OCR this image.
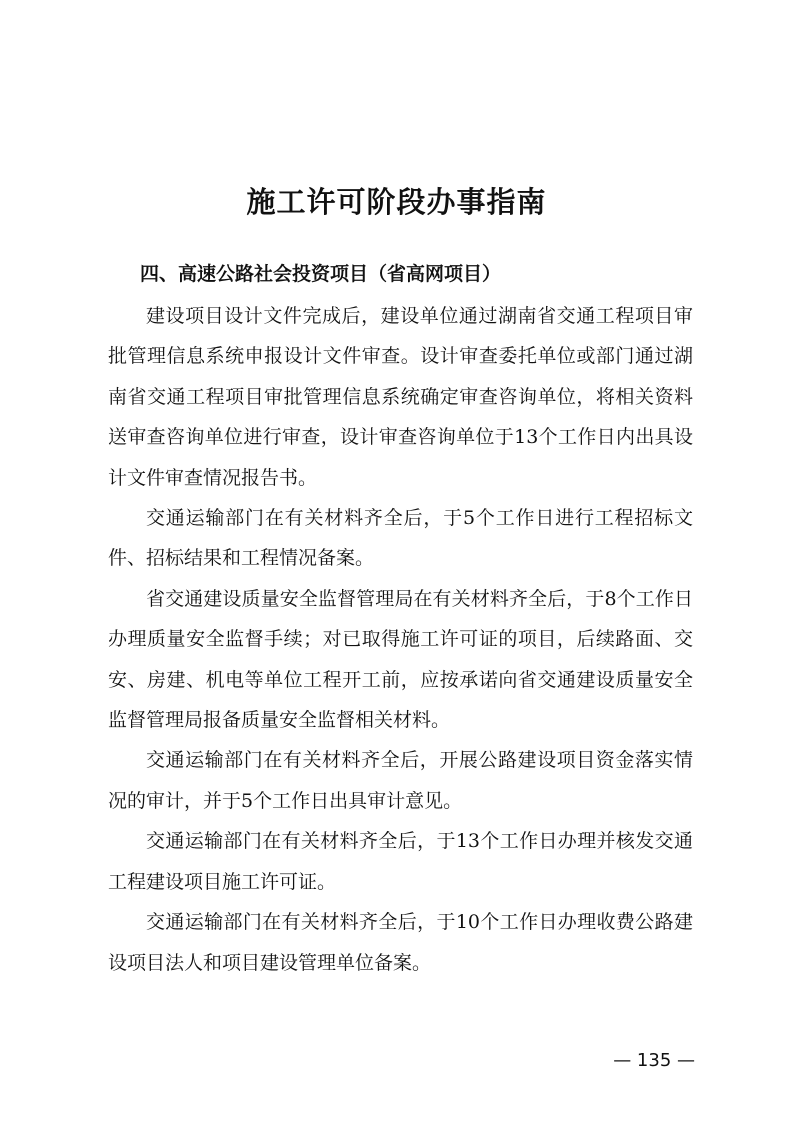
施工许可阶段办事指南
四、高速公路社会投资项目（省高网项目）

建设项目设计文件完成后，建设单位通过湖南省交通工程项目审批管理信息系统申报设计文件审查。设计审查委托单位或部门通过湖南省交通工程项目审批管理信息系统确定审查咨询单位，将相关资料送审查咨询单位进行审查，设计审查咨询单位于13个工作日内出具设计文件审查情况报告书。

交通运输部门在有关材料齐全后，于5个工作日进行工程招标文件、招标结果和工程情况备案。

省交通建设质量安全监督管理局在有关材料齐全后，于8个工作日办理质量安全监督手续；对已取得施工许可证的项目，后续路面、交安、房建、机电等单位工程开工前，应按承诺向省交通建设质量安全监督管理局报备质量安全监督相关材料。

交通运输部门在有关材料齐全后，开展公路建设项目资金落实情况的审计，并于5个工作日出具审计意见。

交通运输部门在有关材料齐全后，于13个工作日办理并核发交通工程建设项目施工许可证。

交通运输部门在有关材料齐全后，于10个工作日办理收费公路建设项目法人和项目建设管理单位备案。

— 135 —
